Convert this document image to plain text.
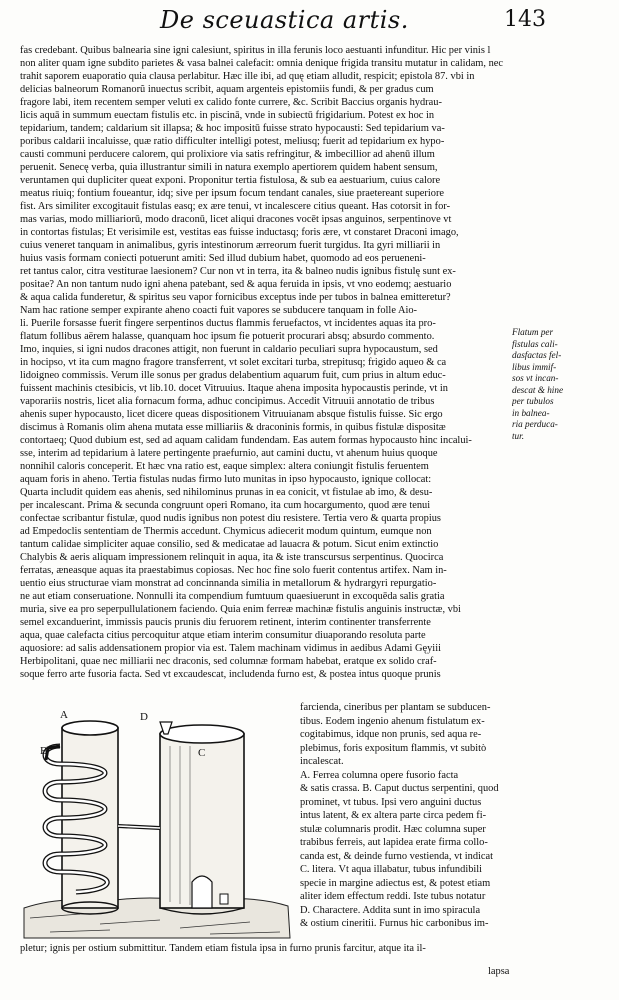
De sceuastica artis.	143
fas credebant. Quibus balnearia sine igni calesiunt, spiritus in illa ferunis loco aestuanti infunditur. Hic per vinis l
non aliter quam igne subdito parietes & vasa balnei calefacit: omnia denique frigida transitu mutatur in calidam, nec
trahit saporem euaporatio quia clausa perlabitur. Hæc ille ibi, ad quę etiam alludit, respicit; epistola 87. vbi in
delicias balneorum Romanorũ inuectus scribit, aquam argenteis epistomiis fundi, & per gradus cum
fragore labi, item recentem semper veluti ex calido fonte currere, &c. Scribit Baccius organis hydrau-
licis aquā in summum euectam fistulis etc. in piscinā, vnde in subiectū frigidarium. Potest ex hoc in
tepidarium, tandem; caldarium sit illapsa; & hoc impositū fuisse strato hypocausti: Sed tepidarium va-
poribus caldarii incaluisse, quæ ratio difficulter intelligi potest, meliusq; fuerit ad tepidarium ex hypo-
causti communi perducere calorem, qui prolixiore via satis refringitur, & imbecillior ad ahenū illum
peruenit. Senecę verba, quia illustrantur simili in natura exemplo apertiorem quidem habent sensum,
veruntamen qui dupliciter queat exponi. Proponitur tertia fistulosa, & sub ea aestuarium, cuius calore
meatus riuiq; fontium foueantur, idq; sive per ipsum focum tendant canales, siue praetereant superiore
fist. Ars similiter excogitauit fistulas easq; ex ære tenui, vt incalescere citius queant. Has cotorsit in for-
mas varias, modo milliariorū, modo draconū, licet aliqui dracones vocēt ipsas anguinos, serpentinove vt
in contortas fistulas; Et verisimile est, vestitas eas fuisse inductasq; foris ære, vt constaret Draconi imago,
cuius veneret tanquam in animalibus, gyris intestinorum ærreorum fuerit turgidus. Ita gyri milliarii in
huius vasis formam coniecti potuerunt amiti: Sed illud dubium habet, quomodo ad eos perueneni-
ret tantus calor, citra vestiturae laesionem? Cur non vt in terra, ita & balneo nudis ignibus fistulę sunt ex-
positae? An non tantum nudo igni ahena patebant, sed & aqua feruida in ipsis, vt vno eodemq; aestuario
& aqua calida funderetur, & spiritus seu vapor fornicibus exceptus inde per tubos in balnea emitteretur?
Nam hac ratione semper expirante aheno coacti fuit vapores se subducere tanquam in folle Aio-
li. Puerile forsasse fuerit fingere serpentinos ductus flammis feruefactos, vt incidentes aquas ita pro-
flatum follibus aërem halasse, quanquam hoc ipsum fie potuerit procurari absq; absurdo commento.
Imo, inquies, si igni nudos dracones attigit, non fuerunt in caldario peculiari supra hypocaustum, sed
in hocipso, vt ita cum magno fragore transferrent, vt solet excitari turba, strepitusq; frigido aqueo & ca
lidoigneo commissis. Verum ille sonus per gradus delabentium aquarum fuit, cum prius in altum educ-
fuissent machinis ctesibicis, vt lib.10. docet Vitruuius. Itaque ahena imposita hypocaustis perinde, vt in
vaporariis nostris, licet alia fornacum forma, adhuc concipimus. Accedit Vitruuii annotatio de tribus
ahenis super hypocausto, licet dicere queas dispositionem Vitruuianam absque fistulis fuisse. Sic ergo
discimus à Romanis olim ahena mutata esse milliariis & draconinis formis, in quibus fistulæ dispositæ
contortaeq; Quod dubium est, sed ad aquam calidam fundendam. Eas autem formas hypocausto hinc incalui-
sse, interim ad tepidarium à latere pertingente praefurnio, aut camini ductu, vt ahenum huius quoque
nonnihil caloris conceperit. Et hæc vna ratio est, eaque simplex: altera coniungit fistulis feruentem
aquam foris in aheno. Tertia fistulas nudas firmo luto munitas in ipso hypocausto, ignique collocat:
Quarta includit quidem eas ahenis, sed nihilominus prunas in ea conicit, vt fistulae ab imo, & desu-
per incalescant. Prima & secunda congruunt operi Romano, ita cum hocargumento, quod ære tenui
confectae scribantur fistulæ, quod nudis ignibus non potest diu resistere. Tertia vero & quarta propius
ad Empedoclis sententiam de Thermis accedunt. Chymicus adiecerit modum quintum, eumque non
tantum calidae simpliciter aquae consilio, sed & medicatae ad lauacra & potum. Sicut enim extinctio
Chalybis & aeris aliquam impressionem relinquit in aqua, ita & iste transcursus serpentinus. Quocirca
ferratas, æneasque aquas ita praestabimus copiosas. Nec hoc fine solo fuerit contentus artifex. Nam in-
uentio eius structurae viam monstrat ad concinnanda similia in metallorum & hydrargyri repurgatio-
ne aut etiam conseruatione. Nonnulli ita compendium fumtuum quaesiuerunt in excoquēda salis gratia
muria, sive ea pro seperpullulationem faciendo. Quia enim ferreæ machinæ fistulis anguinis instructæ, vbi
semel excanduerint, immissis paucis prunis diu feruorem retinent, interim continenter transferrente
aqua, quae calefacta citius percoquitur atque etiam interim consumitur diuaporando resoluta parte
aquosiore: ad salis addensationem propior via est. Talem machinam vidimus in aedibus Adami Gęyiii
Herbipolitani, quae nec milliarii nec draconis, sed columnæ formam habebat, eratque ex solido craf-
soque ferro arte fusoria facta. Sed vt excaudescat, includenda furno est, & postea intus quoque prunis
Flatum per
fistulas cali-
dasfactas fel-
libus immif-
sos vt incan-
descat & hine
per tubulos
in balnea-
ria perduca-
tur.
A
B	C
D
farcienda, cineribus per plantam se subducen-
tibus. Eodem ingenio ahenum fistulatum ex-
cogitabimus, idque non prunis, sed aqua re-
plebimus, foris expositum flammis, vt subitò
incalescat.
A. Ferrea columna opere fusorio facta
& satis crassa. B. Caput ductus serpentini, quod
prominet, vt tubus. Ipsi vero anguini ductus
intus latent, & ex altera parte circa pedem fi-
stulæ columnaris prodit. Hæc columna super
trabibus ferreis, aut lapidea erate firma collo-
canda est, & deinde furno vestienda, vt indicat
C. litera. Vt aqua illabatur, tubus infundibili
specie in margine adiectus est, & potest etiam
aliter idem effectum reddi. Iste tubus notatur
D. Charactere. Addita sunt in imo spiracula
& ostium cineritii. Furnus hic carbonibus im-
pletur; ignis per ostium submittitur. Tandem etiam fistula ipsa in furno prunis farcitur, atque ita il-
lapsa
